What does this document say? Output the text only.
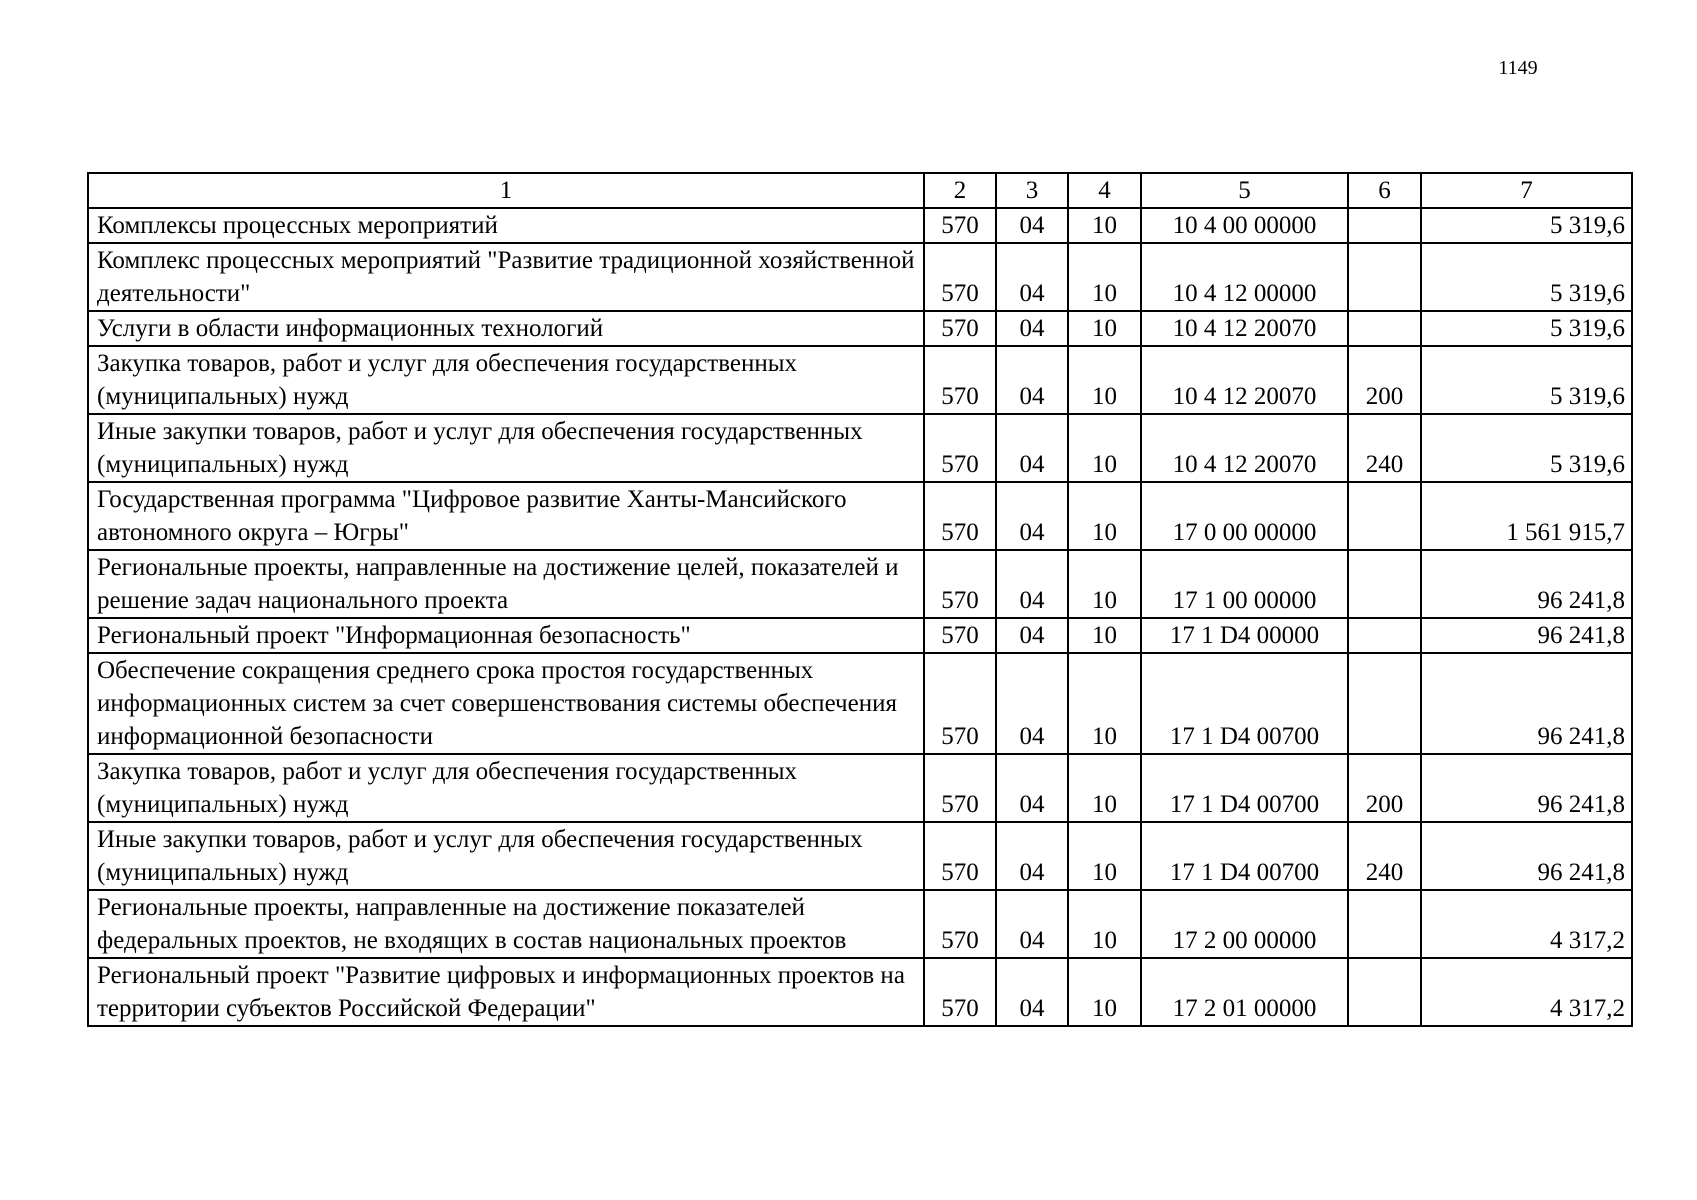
1149
1	2	3	4	5	6	7
Комплексы процессных мероприятий	570	04	10	10 4 00 00000		5 319,6
Комплекс процессных мероприятий "Развитие традиционной хозяйственной деятельности"	570	04	10	10 4 12 00000		5 319,6
Услуги в области информационных технологий	570	04	10	10 4 12 20070		5 319,6
Закупка товаров, работ и услуг для обеспечения государственных (муниципальных) нужд	570	04	10	10 4 12 20070	200	5 319,6
Иные закупки товаров, работ и услуг для обеспечения государственных (муниципальных) нужд	570	04	10	10 4 12 20070	240	5 319,6
Государственная программа "Цифровое развитие Ханты-Мансийского автономного округа – Югры"	570	04	10	17 0 00 00000		1 561 915,7
Региональные проекты, направленные на достижение целей, показателей и решение задач национального проекта	570	04	10	17 1 00 00000		96 241,8
Региональный проект "Информационная безопасность"	570	04	10	17 1 D4 00000		96 241,8
Обеспечение сокращения среднего срока простоя государственных информационных систем за счет совершенствования системы обеспечения информационной безопасности	570	04	10	17 1 D4 00700		96 241,8
Закупка товаров, работ и услуг для обеспечения государственных (муниципальных) нужд	570	04	10	17 1 D4 00700	200	96 241,8
Иные закупки товаров, работ и услуг для обеспечения государственных (муниципальных) нужд	570	04	10	17 1 D4 00700	240	96 241,8
Региональные проекты, направленные на достижение показателей федеральных проектов, не входящих в состав национальных проектов	570	04	10	17 2 00 00000		4 317,2
Региональный проект "Развитие цифровых и информационных проектов на территории субъектов Российской Федерации"	570	04	10	17 2 01 00000		4 317,2
